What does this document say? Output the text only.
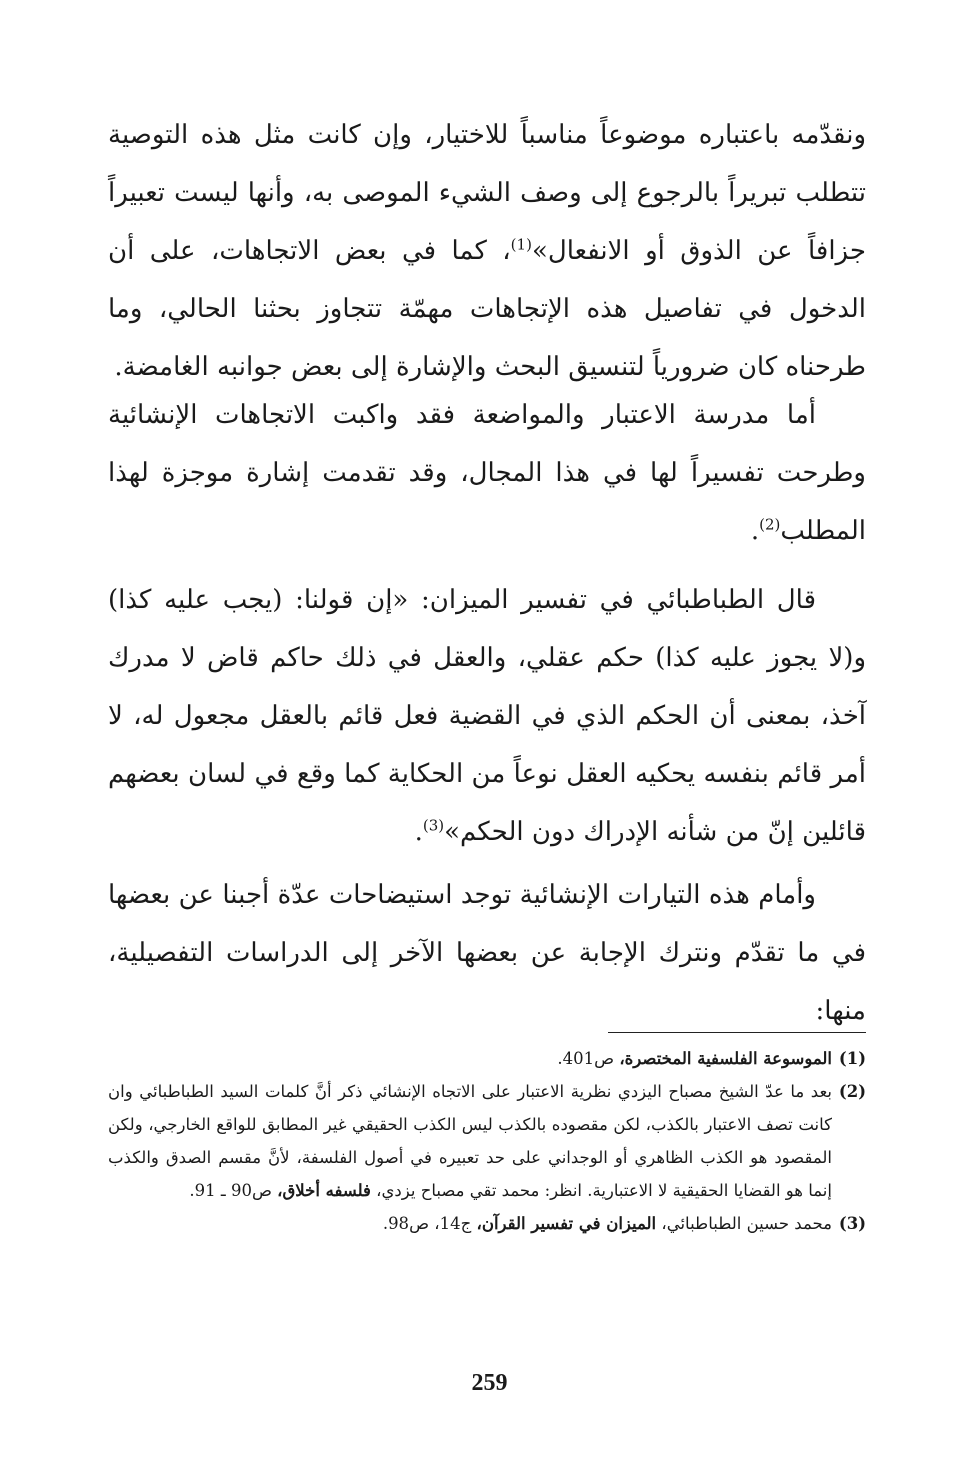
ونقدّمه باعتباره موضوعاً مناسباً للاختيار، وإن كانت مثل هذه التوصية تتطلب تبريراً بالرجوع إلى وصف الشيء الموصى به، وأنها ليست تعبيراً جزافاً عن الذوق أو الانفعال»$^{(1)}$، كما في بعض الاتجاهات، على أن الدخول في تفاصيل هذه الإتجاهات مهمّة تتجاوز بحثنا الحالي، وما طرحناه كان ضرورياً لتنسيق البحث والإشارة إلى بعض جوانبه الغامضة.

أما مدرسة الاعتبار والمواضعة فقد واكبت الاتجاهات الإنشائية وطرحت تفسيراً لها في هذا المجال، وقد تقدمت إشارة موجزة لهذا المطلب$^{(2)}$.

قال الطباطبائي في تفسير الميزان: «إن قولنا: (يجب عليه كذا) و(لا يجوز عليه كذا) حكم عقلي، والعقل في ذلك حاكم قاض لا مدرك آخذ، بمعنى أن الحكم الذي في القضية فعل قائم بالعقل مجعول له، لا أمر قائم بنفسه يحكيه العقل نوعاً من الحكاية كما وقع في لسان بعضهم قائلين إنّ من شأنه الإدراك دون الحكم»$^{(3)}$.

وأمام هذه التيارات الإنشائية توجد استيضاحات عدّة أجبنا عن بعضها في ما تقدّم ونترك الإجابة عن بعضها الآخر إلى الدراسات التفصيلية، منها:

(1)
الموسوعة الفلسفية المختصرة، ص401.
(2)
بعد ما عدّ الشيخ مصباح اليزدي نظرية الاعتبار على الاتجاه الإنشائي ذكر أنَّ كلمات السيد الطباطبائي وان كانت تصف الاعتبار بالكذب، لكن مقصوده بالكذب ليس الكذب الحقيقي غير المطابق للواقع الخارجي، ولكن المقصود هو الكذب الظاهري أو الوجداني على حد تعبيره في أصول الفلسفة، لأنَّ مقسم الصدق والكذب إنما هو القضايا الحقيقية لا الاعتبارية. انظر: محمد تقي مصباح يزدي، فلسفه أخلاق، ص90 ـ 91.
(3)
محمد حسين الطباطبائي، الميزان في تفسير القرآن، ج14، ص98.
259
